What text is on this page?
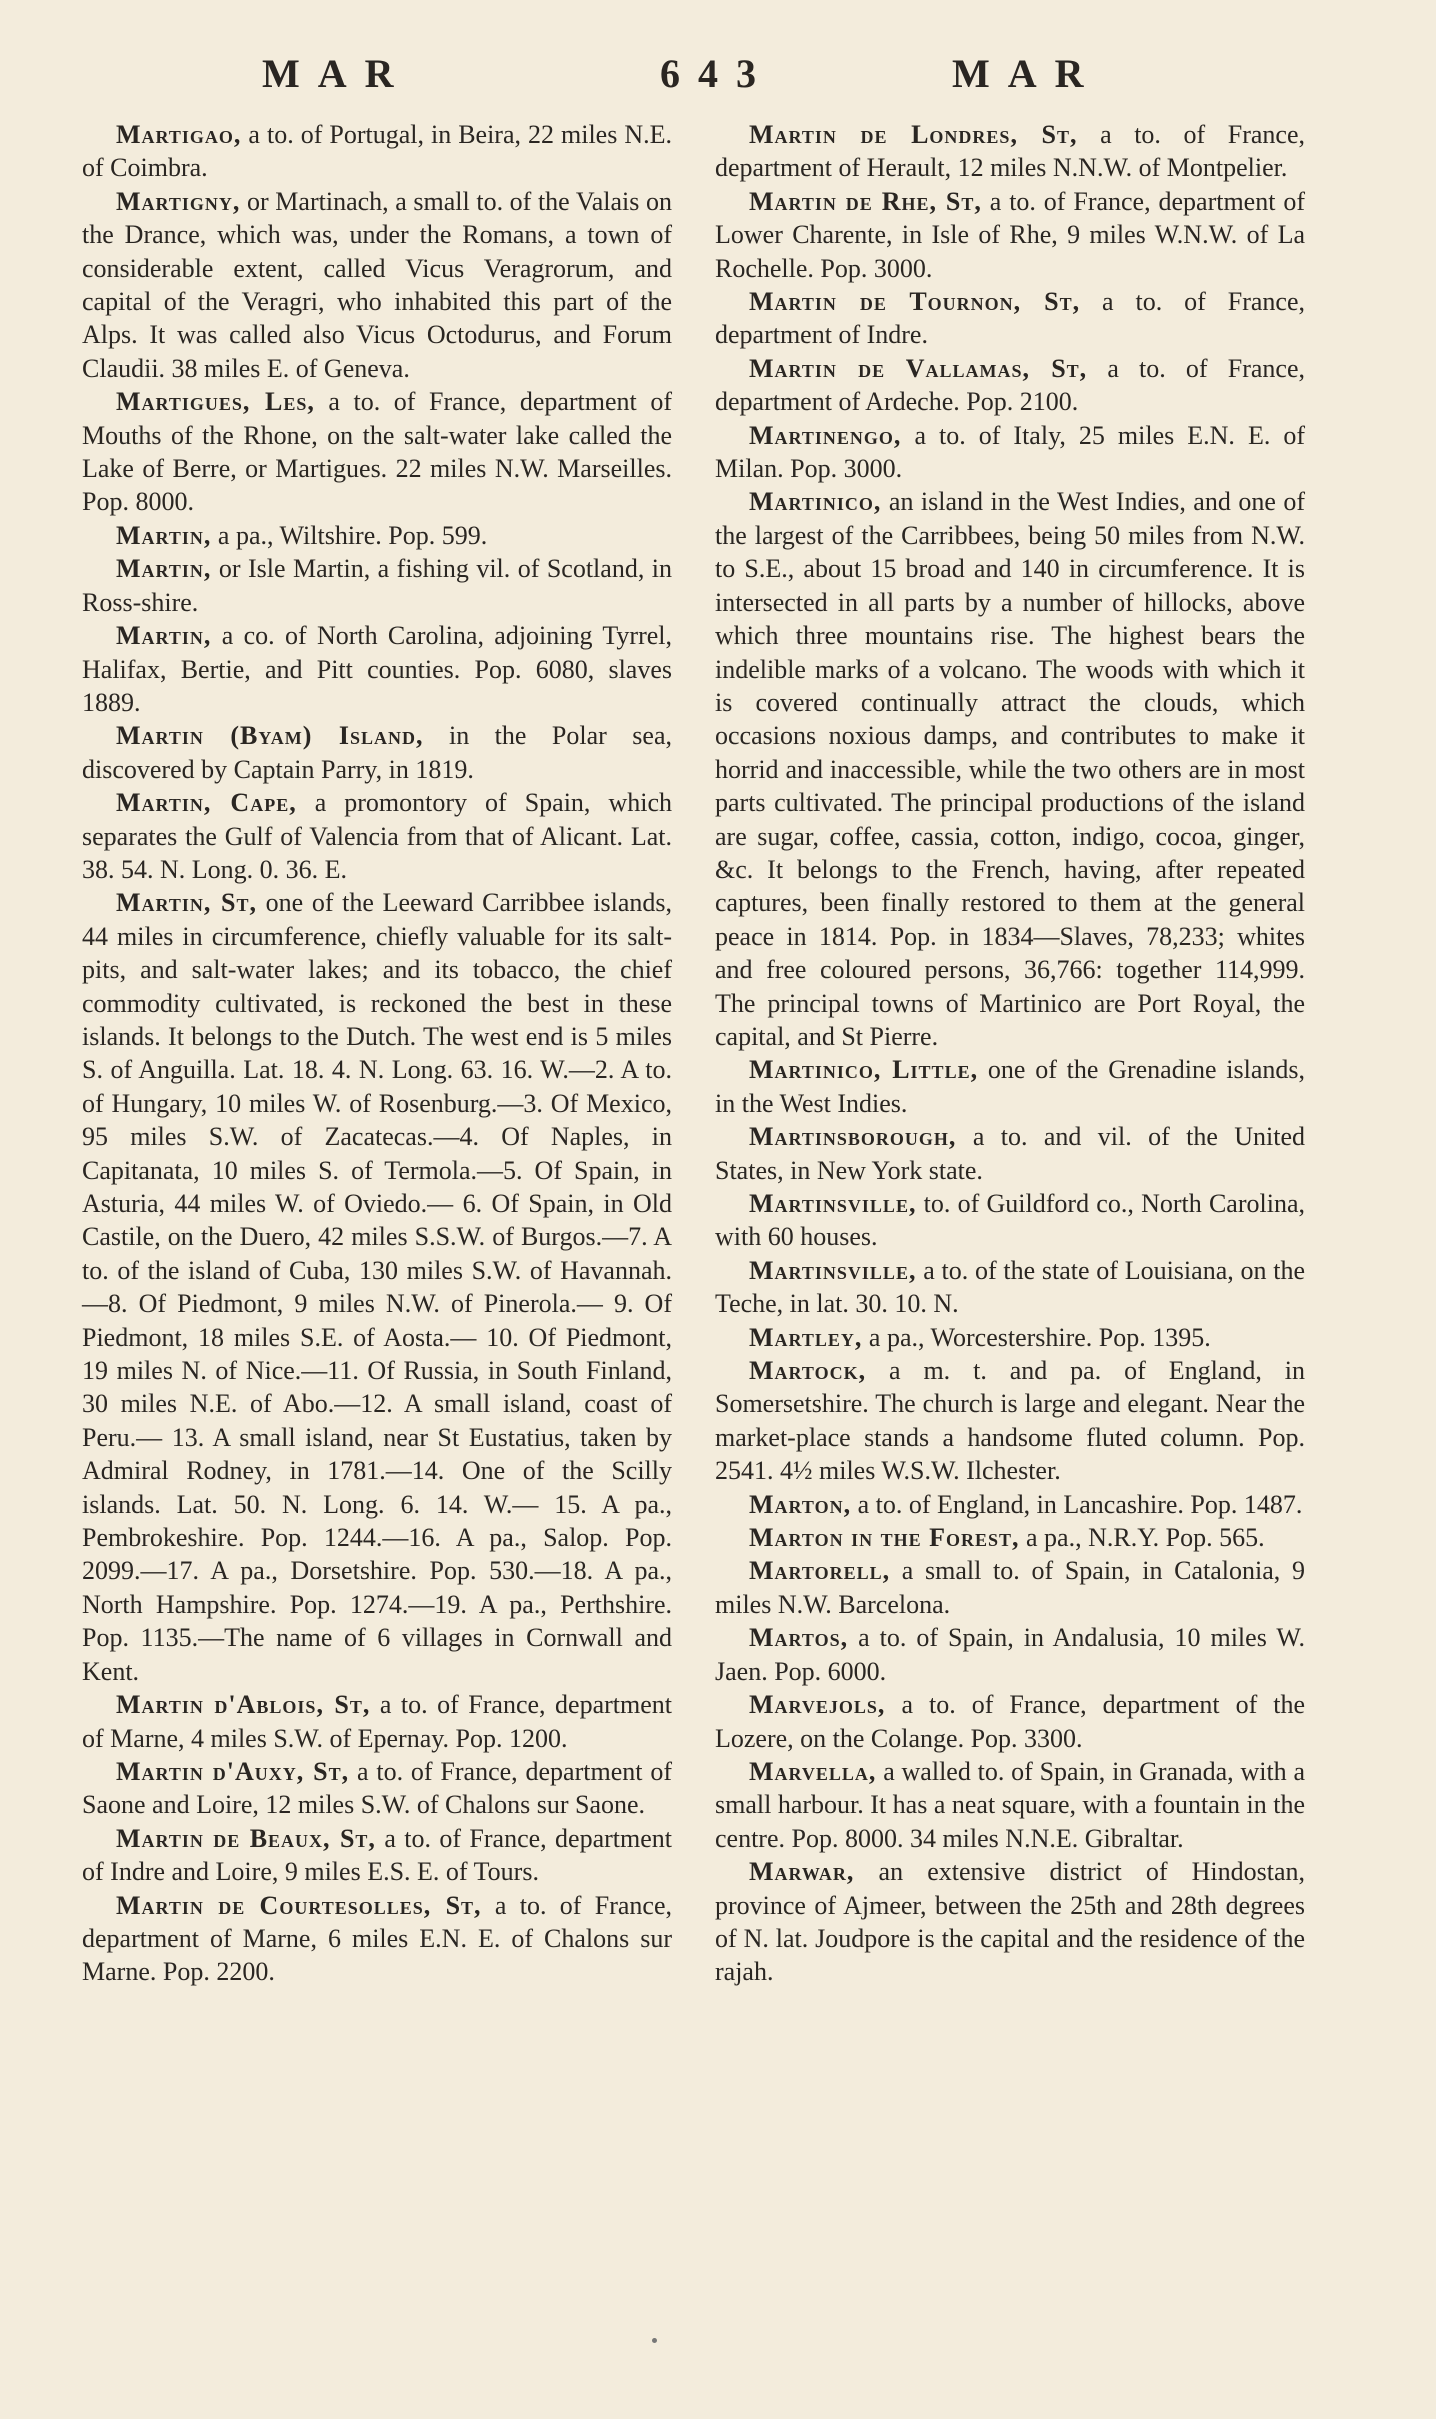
MAR	643	MAR

Martigao, a to. of Portugal, in Beira, 22 miles N.E. of Coimbra.

Martigny, or Martinach, a small to. of the Valais on the Drance, which was, under the Romans, a town of considerable extent, called Vicus Veragrorum, and capital of the Veragri, who inhabited this part of the Alps. It was called also Vicus Octodurus, and Forum Claudii. 38 miles E. of Geneva.

Martigues, Les, a to. of France, department of Mouths of the Rhone, on the salt-water lake called the Lake of Berre, or Martigues. 22 miles N.W. Marseilles. Pop. 8000.

Martin, a pa., Wiltshire. Pop. 599.

Martin, or Isle Martin, a fishing vil. of Scotland, in Ross-shire.

Martin, a co. of North Carolina, adjoining Tyrrel, Halifax, Bertie, and Pitt counties. Pop. 6080, slaves 1889.

Martin (Byam) Island, in the Polar sea, discovered by Captain Parry, in 1819.

Martin, Cape, a promontory of Spain, which separates the Gulf of Valencia from that of Alicant. Lat. 38. 54. N. Long. 0. 36. E.

Martin, St, one of the Leeward Carribbee islands, 44 miles in circumference, chiefly valuable for its salt-pits, and salt-water lakes; and its tobacco, the chief commodity cultivated, is reckoned the best in these islands. It belongs to the Dutch. The west end is 5 miles S. of Anguilla. Lat. 18. 4. N. Long. 63. 16. W.—2. A to. of Hungary, 10 miles W. of Rosenburg.—3. Of Mexico, 95 miles S.W. of Zacatecas.—4. Of Naples, in Capitanata, 10 miles S. of Termola.—5. Of Spain, in Asturia, 44 miles W. of Oviedo.— 6. Of Spain, in Old Castile, on the Duero, 42 miles S.S.W. of Burgos.—7. A to. of the island of Cuba, 130 miles S.W. of Havannah. —8. Of Piedmont, 9 miles N.W. of Pinerola.— 9. Of Piedmont, 18 miles S.E. of Aosta.— 10. Of Piedmont, 19 miles N. of Nice.—11. Of Russia, in South Finland, 30 miles N.E. of Abo.—12. A small island, coast of Peru.— 13. A small island, near St Eustatius, taken by Admiral Rodney, in 1781.—14. One of the Scilly islands. Lat. 50. N. Long. 6. 14. W.— 15. A pa., Pembrokeshire. Pop. 1244.—16. A pa., Salop. Pop. 2099.—17. A pa., Dorsetshire. Pop. 530.—18. A pa., North Hampshire. Pop. 1274.—19. A pa., Perthshire. Pop. 1135.—The name of 6 villages in Cornwall and Kent.

Martin d'Ablois, St, a to. of France, department of Marne, 4 miles S.W. of Epernay. Pop. 1200.

Martin d'Auxy, St, a to. of France, department of Saone and Loire, 12 miles S.W. of Chalons sur Saone.

Martin de Beaux, St, a to. of France, department of Indre and Loire, 9 miles E.S. E. of Tours.

Martin de Courtesolles, St, a to. of France, department of Marne, 6 miles E.N. E. of Chalons sur Marne. Pop. 2200.

Martin de Londres, St, a to. of France, department of Herault, 12 miles N.N.W. of Montpelier.

Martin de Rhe, St, a to. of France, department of Lower Charente, in Isle of Rhe, 9 miles W.N.W. of La Rochelle. Pop. 3000.

Martin de Tournon, St, a to. of France, department of Indre.

Martin de Vallamas, St, a to. of France, department of Ardeche. Pop. 2100.

Martinengo, a to. of Italy, 25 miles E.N. E. of Milan. Pop. 3000.

Martinico, an island in the West Indies, and one of the largest of the Carribbees, being 50 miles from N.W. to S.E., about 15 broad and 140 in circumference. It is intersected in all parts by a number of hillocks, above which three mountains rise. The highest bears the indelible marks of a volcano. The woods with which it is covered continually attract the clouds, which occasions noxious damps, and contributes to make it horrid and inaccessible, while the two others are in most parts cultivated. The principal productions of the island are sugar, coffee, cassia, cotton, indigo, cocoa, ginger, &c. It belongs to the French, having, after repeated captures, been finally restored to them at the general peace in 1814. Pop. in 1834—Slaves, 78,233; whites and free coloured persons, 36,766: together 114,999. The principal towns of Martinico are Port Royal, the capital, and St Pierre.

Martinico, Little, one of the Grenadine islands, in the West Indies.

Martinsborough, a to. and vil. of the United States, in New York state.

Martinsville, to. of Guildford co., North Carolina, with 60 houses.

Martinsville, a to. of the state of Louisiana, on the Teche, in lat. 30. 10. N.

Martley, a pa., Worcestershire. Pop. 1395.

Martock, a m. t. and pa. of England, in Somersetshire. The church is large and elegant. Near the market-place stands a handsome fluted column. Pop. 2541. 4½ miles W.S.W. Ilchester.

Marton, a to. of England, in Lancashire. Pop. 1487.

Marton in the Forest, a pa., N.R.Y. Pop. 565.

Martorell, a small to. of Spain, in Catalonia, 9 miles N.W. Barcelona.

Martos, a to. of Spain, in Andalusia, 10 miles W. Jaen. Pop. 6000.

Marvejols, a to. of France, department of the Lozere, on the Colange. Pop. 3300.

Marvella, a walled to. of Spain, in Granada, with a small harbour. It has a neat square, with a fountain in the centre. Pop. 8000. 34 miles N.N.E. Gibraltar.

Marwar, an extensive district of Hindostan, province of Ajmeer, between the 25th and 28th degrees of N. lat. Joudpore is the capital and the residence of the rajah.
